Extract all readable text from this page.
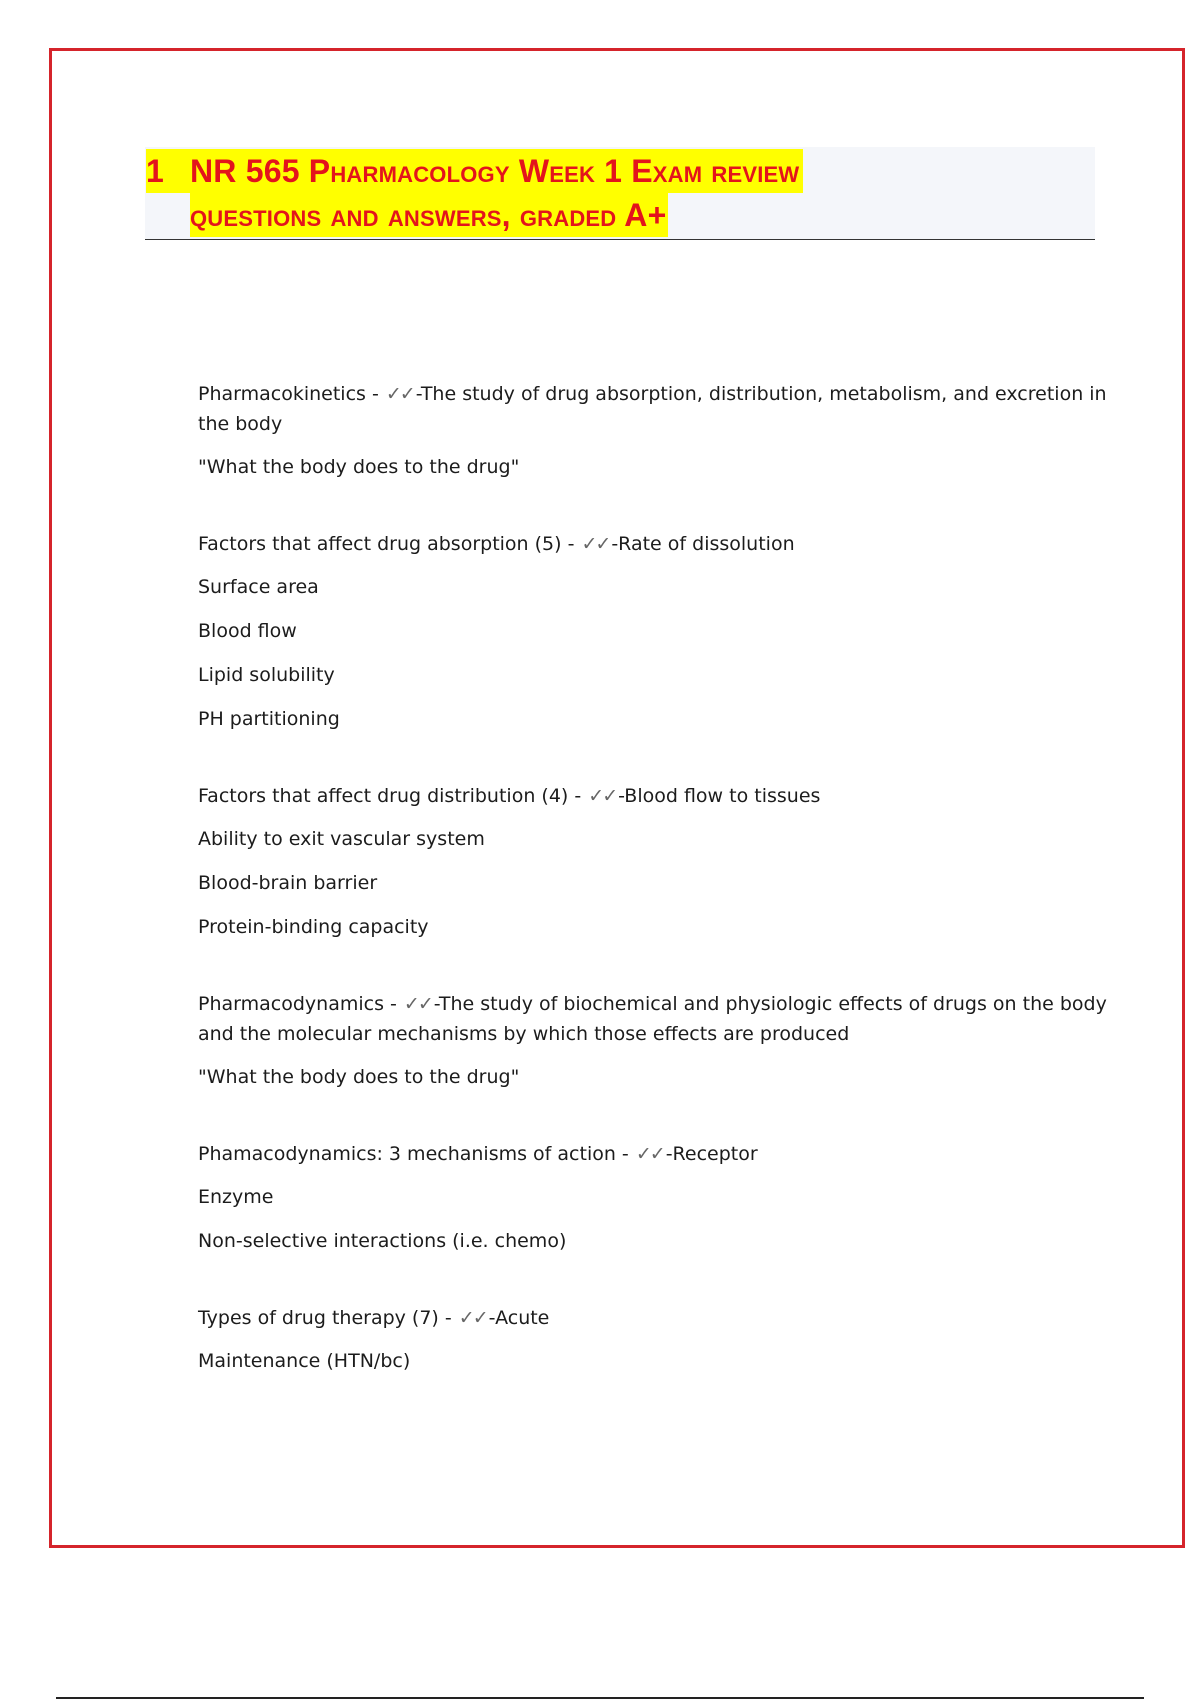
1 NR 565 Pharmacology Week 1 Exam review
questions and answers, graded A+

Pharmacokinetics - ✓✓ -The study of drug absorption, distribution, metabolism, and excretion in the body

"What the body does to the drug"

Factors that affect drug absorption (5) - ✓✓ -Rate of dissolution

Surface area

Blood flow

Lipid solubility

PH partitioning

Factors that affect drug distribution (4) - ✓✓ -Blood flow to tissues

Ability to exit vascular system

Blood-brain barrier

Protein-binding capacity

Pharmacodynamics - ✓✓ -The study of biochemical and physiologic effects of drugs on the body and the molecular mechanisms by which those effects are produced

"What the body does to the drug"

Phamacodynamics: 3 mechanisms of action - ✓✓ -Receptor

Enzyme

Non-selective interactions (i.e. chemo)

Types of drug therapy (7) - ✓✓ -Acute

Maintenance (HTN/bc)
